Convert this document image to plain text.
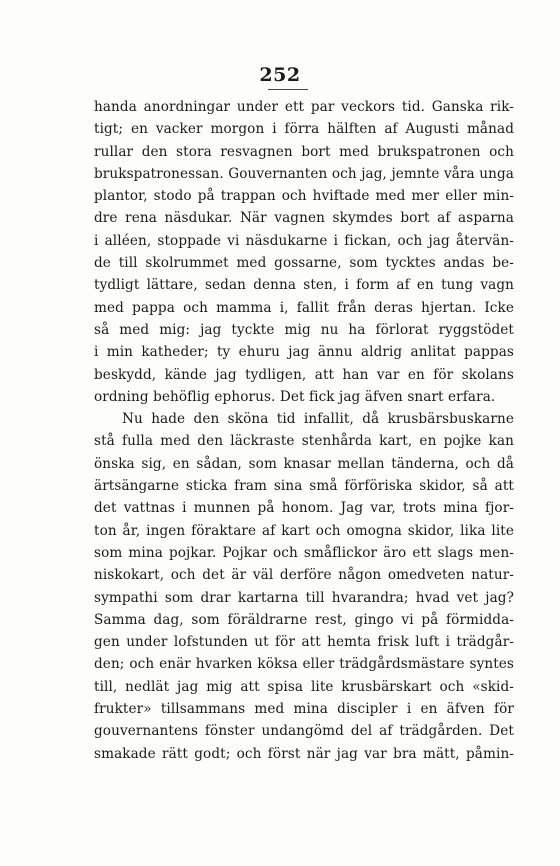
252
handa anordningar under ett par veckors tid. Ganska rik-
tigt; en vacker morgon i förra hälften af Augusti månad
rullar den stora resvagnen bort med brukspatronen och
brukspatronessan. Gouvernanten och jag, jemnte våra unga
plantor, stodo på trappan och hviftade med mer eller min-
dre rena näsdukar. När vagnen skymdes bort af asparna
i alléen, stoppade vi näsdukarne i fickan, och jag återvän-
de till skolrummet med gossarne, som tycktes andas be-
tydligt lättare, sedan denna sten, i form af en tung vagn
med pappa och mamma i, fallit från deras hjertan. Icke
så med mig: jag tyckte mig nu ha förlorat ryggstödet
i min katheder; ty ehuru jag ännu aldrig anlitat pappas
beskydd, kände jag tydligen, att han var en för skolans
ordning behöflig ephorus. Det fick jag äfven snart erfara.
Nu hade den sköna tid infallit, då krusbärsbuskarne
stå fulla med den läckraste stenhårda kart, en pojke kan
önska sig, en sådan, som knasar mellan tänderna, och då
ärtsängarne sticka fram sina små förföriska skidor, så att
det vattnas i munnen på honom. Jag var, trots mina fjor-
ton år, ingen föraktare af kart och omogna skidor, lika lite
som mina pojkar. Pojkar och småflickor äro ett slags men-
niskokart, och det är väl derföre någon omedveten natur-
sympathi som drar kartarna till hvarandra; hvad vet jag?
Samma dag, som föräldrarne rest, gingo vi på förmidda-
gen under lofstunden ut för att hemta frisk luft i trädgår-
den; och enär hvarken köksa eller trädgårdsmästare syntes
till, nedlät jag mig att spisa lite krusbärskart och «skid-
frukter» tillsammans med mina discipler i en äfven för
gouvernantens fönster undangömd del af trädgården. Det
smakade rätt godt; och först när jag var bra mätt, påmin-
